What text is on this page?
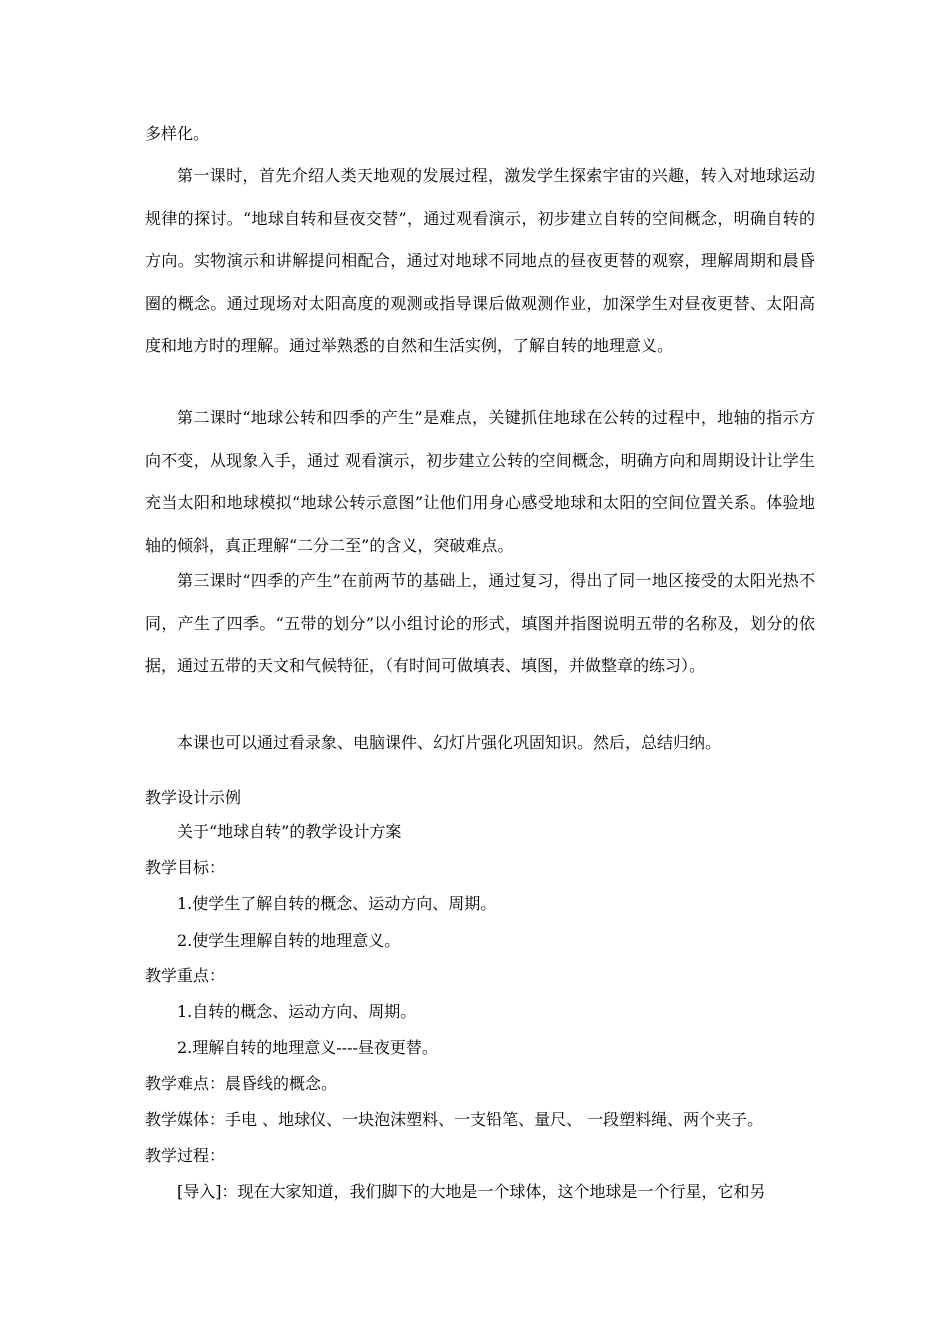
多样化。

第一课时，首先介绍人类天地观的发展过程，激发学生探索宇宙的兴趣，转入对地球运动规律的探讨。“地球自转和昼夜交替”，通过观看演示，初步建立自转的空间概念，明确自转的方向。实物演示和讲解提问相配合，通过对地球不同地点的昼夜更替的观察，理解周期和晨昏圈的概念。通过现场对太阳高度的观测或指导课后做观测作业，加深学生对昼夜更替、太阳高度和地方时的理解。通过举熟悉的自然和生活实例，了解自转的地理意义。

第二课时“地球公转和四季的产生”是难点，关键抓住地球在公转的过程中，地轴的指示方向不变，从现象入手，通过 观看演示，初步建立公转的空间概念，明确方向和周期设计让学生充当太阳和地球模拟“地球公转示意图”让他们用身心感受地球和太阳的空间位置关系。体验地轴的倾斜，真正理解“二分二至”的含义，突破难点。

第三课时“四季的产生”在前两节的基础上，通过复习，得出了同一地区接受的太阳光热不同，产生了四季。“五带的划分”以小组讨论的形式，填图并指图说明五带的名称及，划分的依据，通过五带的天文和气候特征，（有时间可做填表、填图，并做整章的练习）。

本课也可以通过看录象、电脑课件、幻灯片强化巩固知识。然后，总结归纳。

教学设计示例
关于“地球自转”的教学设计方案
教学目标：
1.使学生了解自转的概念、运动方向、周期。
2.使学生理解自转的地理意义。
教学重点：
1.自转的概念、运动方向、周期。
2.理解自转的地理意义----昼夜更替。
教学难点：晨昏线的概念。
教学媒体：手电 、地球仪、一块泡沫塑料、一支铅笔、量尺、 一段塑料绳、两个夹子。
教学过程：
[导入]：现在大家知道，我们脚下的大地是一个球体，这个地球是一个行星，它和另
